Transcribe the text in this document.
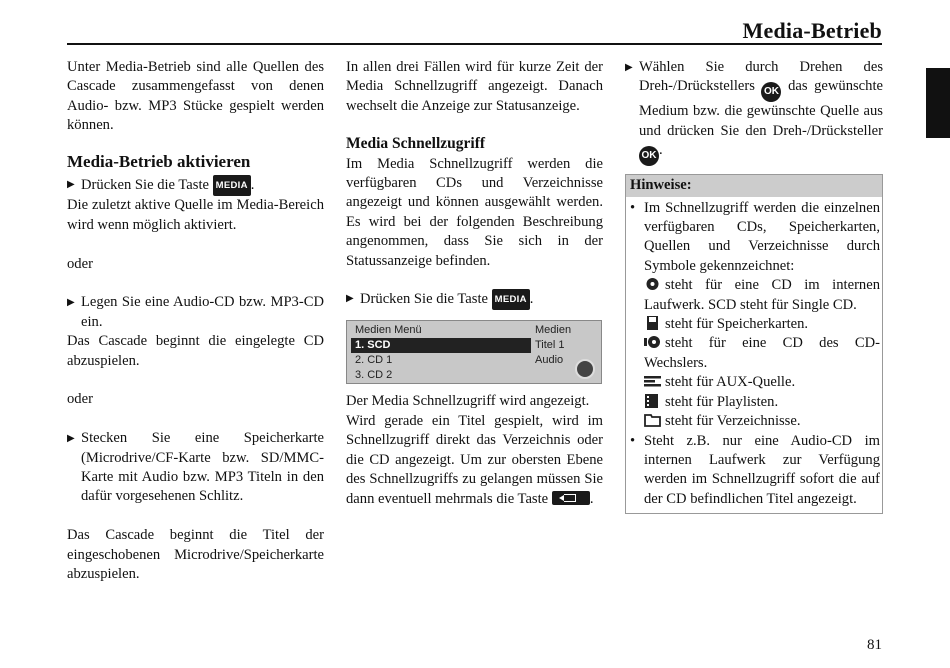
Media-Betrieb

Unter Media-Betrieb sind alle Quellen des Cascade zusammengefasst von denen Audio- bzw. MP3 Stücke gespielt werden können.

Media-Betrieb aktivieren

▶ Drücken Sie die Taste MEDIA .

Die zuletzt aktive Quelle im Media-Bereich wird wenn möglich aktiviert.

oder

▶ Legen Sie eine Audio-CD bzw. MP3-CD ein.

Das Cascade beginnt die eingelegte CD abzuspielen.

oder

▶ Stecken Sie eine Speicherkarte (Microdrive/CF-Karte bzw. SD/MMC-Karte mit Audio bzw. MP3 Titeln in den dafür vorgesehenen Schlitz.

Das Cascade beginnt die Titel der eingeschobenen Microdrive/Speicherkarte abzuspielen.

In allen drei Fällen wird für kurze Zeit der Media Schnellzugriff angezeigt. Danach wechselt die Anzeige zur Statusanzeige.

Media Schnellzugriff

Im Media Schnellzugriff werden die verfügbaren CDs und Verzeichnisse angezeigt und können ausgewählt werden. Es wird bei der folgenden Beschreibung angenommen, dass Sie sich in der Statussanzeige befinden.

▶ Drücken Sie die Taste MEDIA .

Medien Menü
1. SCD
2. CD 1
3. CD 2
Medien
Titel 1
Audio

Der Media Schnellzugriff wird angezeigt.

Wird gerade ein Titel gespielt, wird im Schnellzugriff direkt das Verzeichnis oder die CD angezeigt. Um zur obersten Ebene des Schnellzugriffs zu gelangen müssen Sie dann eventuell mehrmals die Taste	.

▶ Wählen Sie durch Drehen des Dreh-/Drückstellers OK das gewünschte Medium bzw. die gewünschte Quelle aus und drücken Sie den Dreh-/Drücksteller OK .

Hinweise:

• Im Schnellzugriff werden die einzelnen verfügbaren CDs, Speicherkarten, Quellen und Verzeichnisse durch Symbole gekennzeichnet:

steht für eine CD im internen Laufwerk. SCD steht für Single CD.

steht für Speicherkarten.

steht für eine CD des CD-Wechslers.

steht für AUX-Quelle.

steht für Playlisten.

steht für Verzeichnisse.

• Steht z.B. nur eine Audio-CD im internen Laufwerk zur Verfügung werden im Schnellzugriff sofort die auf der CD befindlichen Titel angezeigt.

81
